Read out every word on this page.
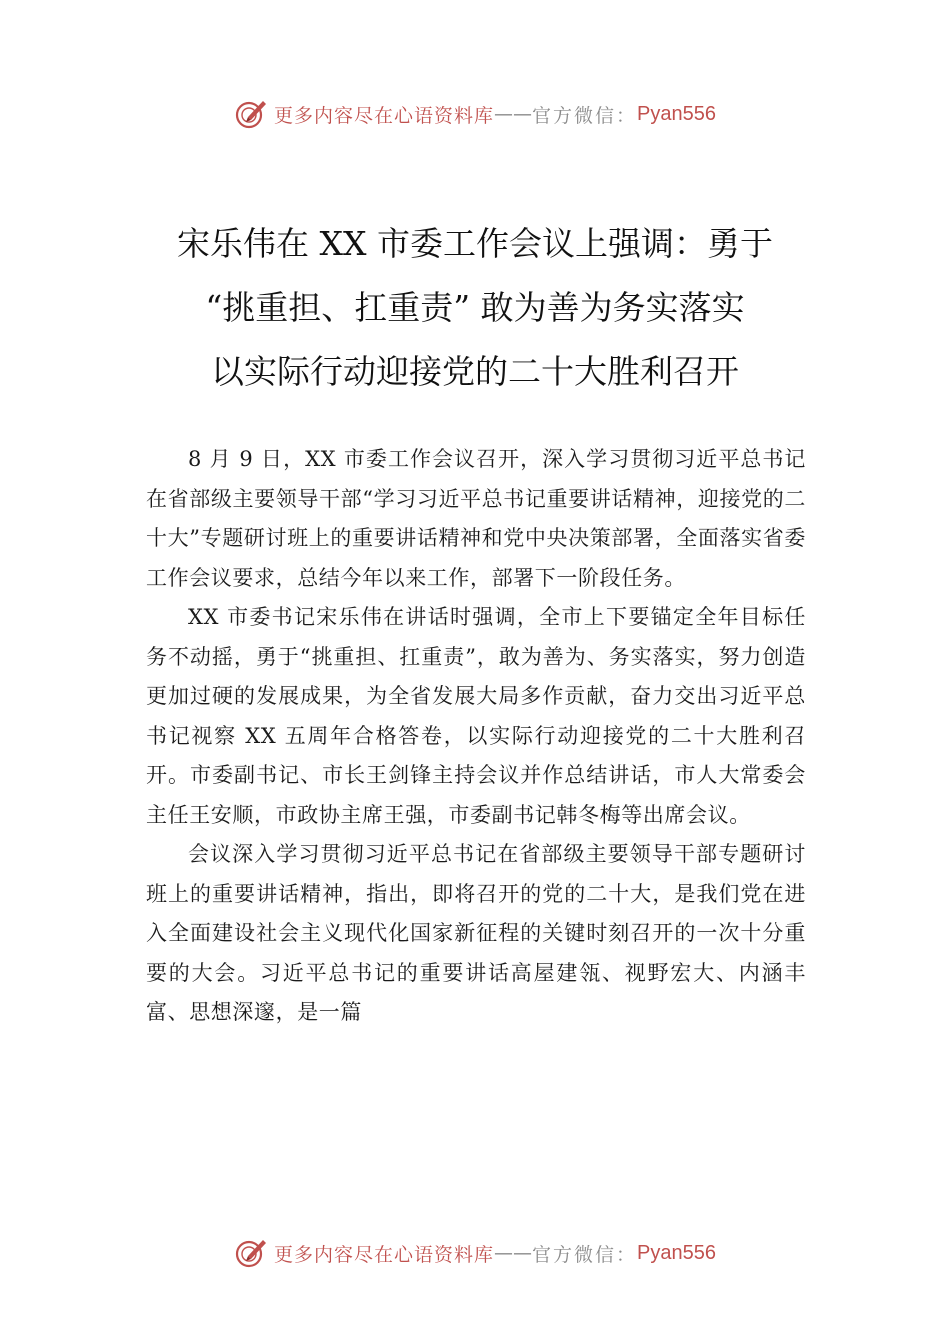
更多内容尽在心语资料库 —— 官方微信： Pyan556
宋乐伟在 XX 市委工作会议上强调：勇于
“挑重担、扛重责” 敢为善为务实落实
以实际行动迎接党的二十大胜利召开

8 月 9 日，XX 市委工作会议召开，深入学习贯彻习近平总书记在省部级主要领导干部“学习习近平总书记重要讲话精神，迎接党的二十大”专题研讨班上的重要讲话精神和党中央决策部署，全面落实省委工作会议要求，总结今年以来工作，部署下一阶段任务。

XX 市委书记宋乐伟在讲话时强调，全市上下要锚定全年目标任务不动摇，勇于“挑重担、扛重责”，敢为善为、务实落实，努力创造更加过硬的发展成果，为全省发展大局多作贡献，奋力交出习近平总书记视察 XX 五周年合格答卷，以实际行动迎接党的二十大胜利召开。市委副书记、市长王剑锋主持会议并作总结讲话，市人大常委会主任王安顺，市政协主席王强，市委副书记韩冬梅等出席会议。

会议深入学习贯彻习近平总书记在省部级主要领导干部专题研讨班上的重要讲话精神，指出，即将召开的党的二十大，是我们党在进入全面建设社会主义现代化国家新征程的关键时刻召开的一次十分重要的大会。习近平总书记的重要讲话高屋建瓴、视野宏大、内涵丰富、思想深邃，是一篇

更多内容尽在心语资料库 —— 官方微信： Pyan556
